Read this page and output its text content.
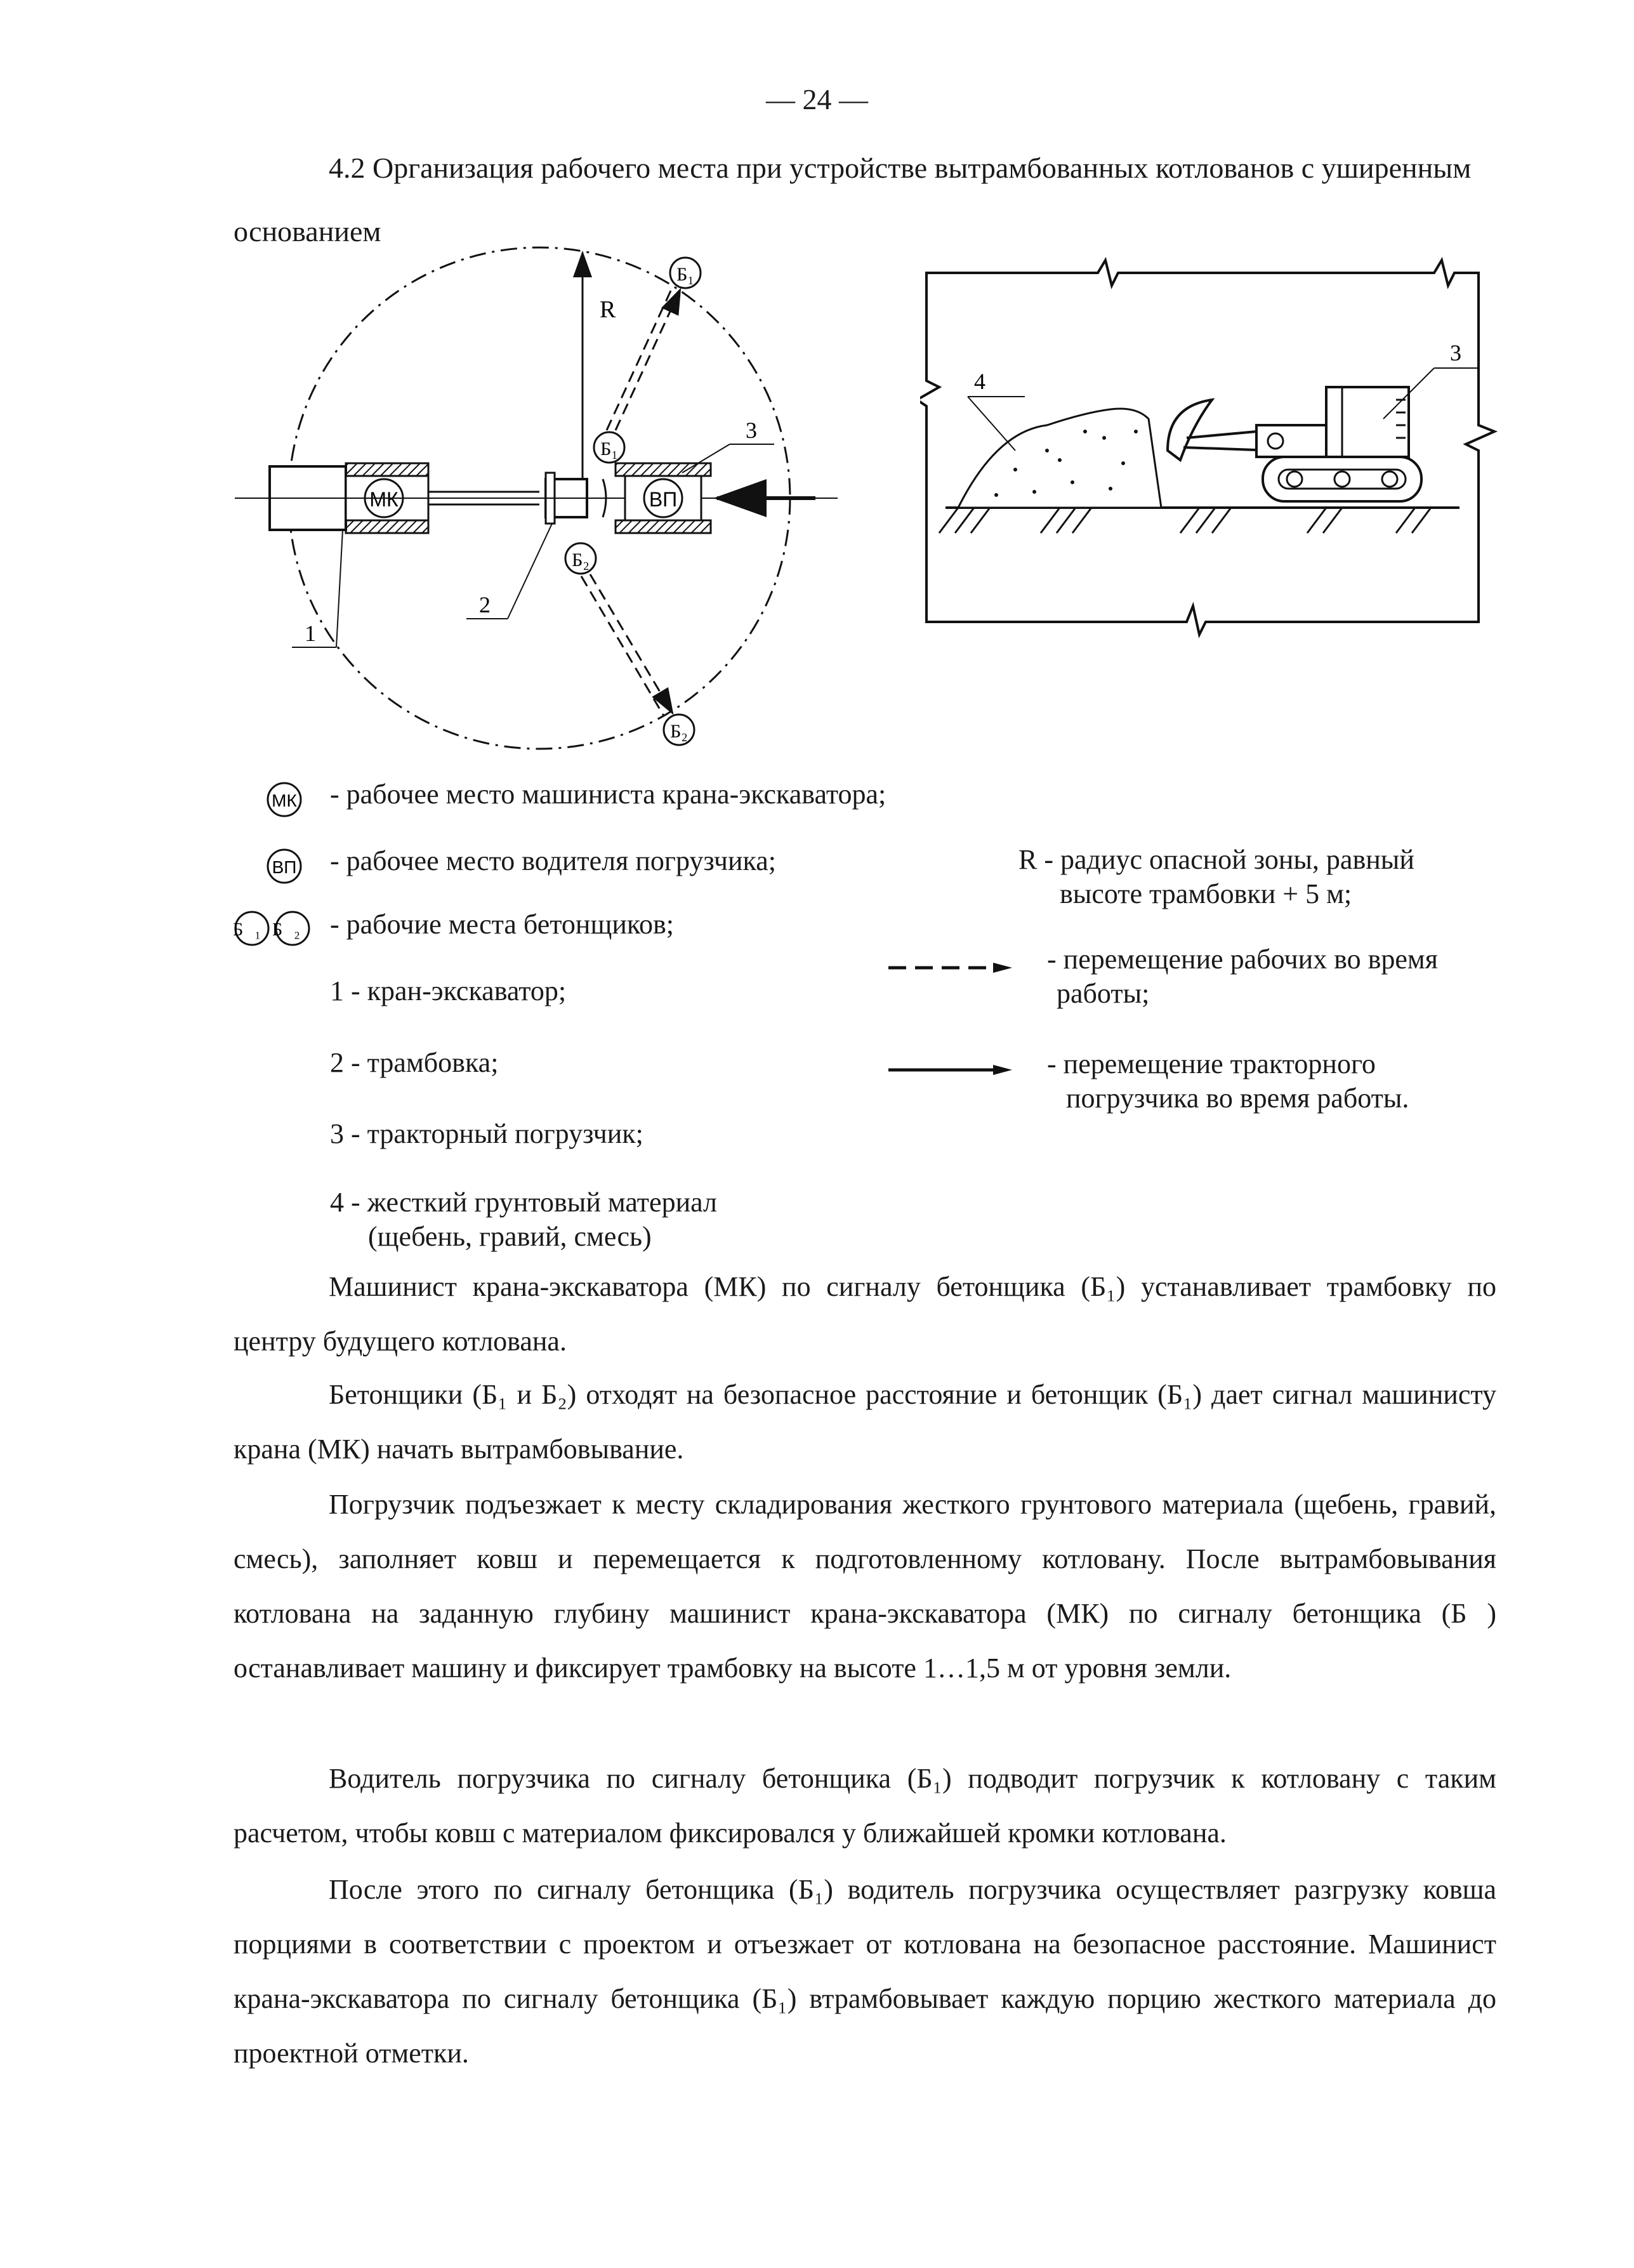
— 24 —
4.2 Организация рабочего места при устройстве вытрамбованных котлованов с уширенным основанием
R
МК	ВП
Б₁
Б₁
Б₂
Б₂
1
2
3
4
3
МК - рабочее место машиниста крана-экскаватора;
ВП - рабочее место водителя погрузчика;
Б₁Б₂ - рабочие места бетонщиков;
1 - кран-экскаватор;
2 - трамбовка;
3 - тракторный погрузчик;
4 - жесткий грунтовый материал
(щебень, гравий, смесь)
R - радиус опасной зоны, равный
высоте трамбовки + 5 м;
- перемещение рабочих во время
работы;
- перемещение тракторного
погрузчика во время работы.
Машинист крана-экскаватора (МК) по сигналу бетонщика (Б₁) устанавливает трамбовку по центру будущего котлована.
Бетонщики (Б₁ и Б₂) отходят на безопасное расстояние и бетонщик (Б₁) дает сигнал машинисту крана (МК) начать вытрамбовывание.
Погрузчик подъезжает к месту складирования жесткого грунтового материала (щебень, гравий, смесь), заполняет ковш и перемещается к подготовленному котловану. После вытрамбовывания котлована на заданную глубину машинист крана-экскаватора (МК) по сигналу бетонщика (Б ) останавливает машину и фиксирует трамбовку на высоте 1…1,5 м от уровня земли.
Водитель погрузчика по сигналу бетонщика (Б₁) подводит погрузчик к котловану с таким расчетом, чтобы ковш с материалом фиксировался у ближайшей кромки котлована.
После этого по сигналу бетонщика (Б₁) водитель погрузчика осуществляет разгрузку ковша порциями в соответствии с проектом и отъезжает от котлована на безопасное расстояние. Машинист крана-экскаватора по сигналу бетонщика (Б₁) втрамбовывает каждую порцию жесткого материала до проектной отметки.
